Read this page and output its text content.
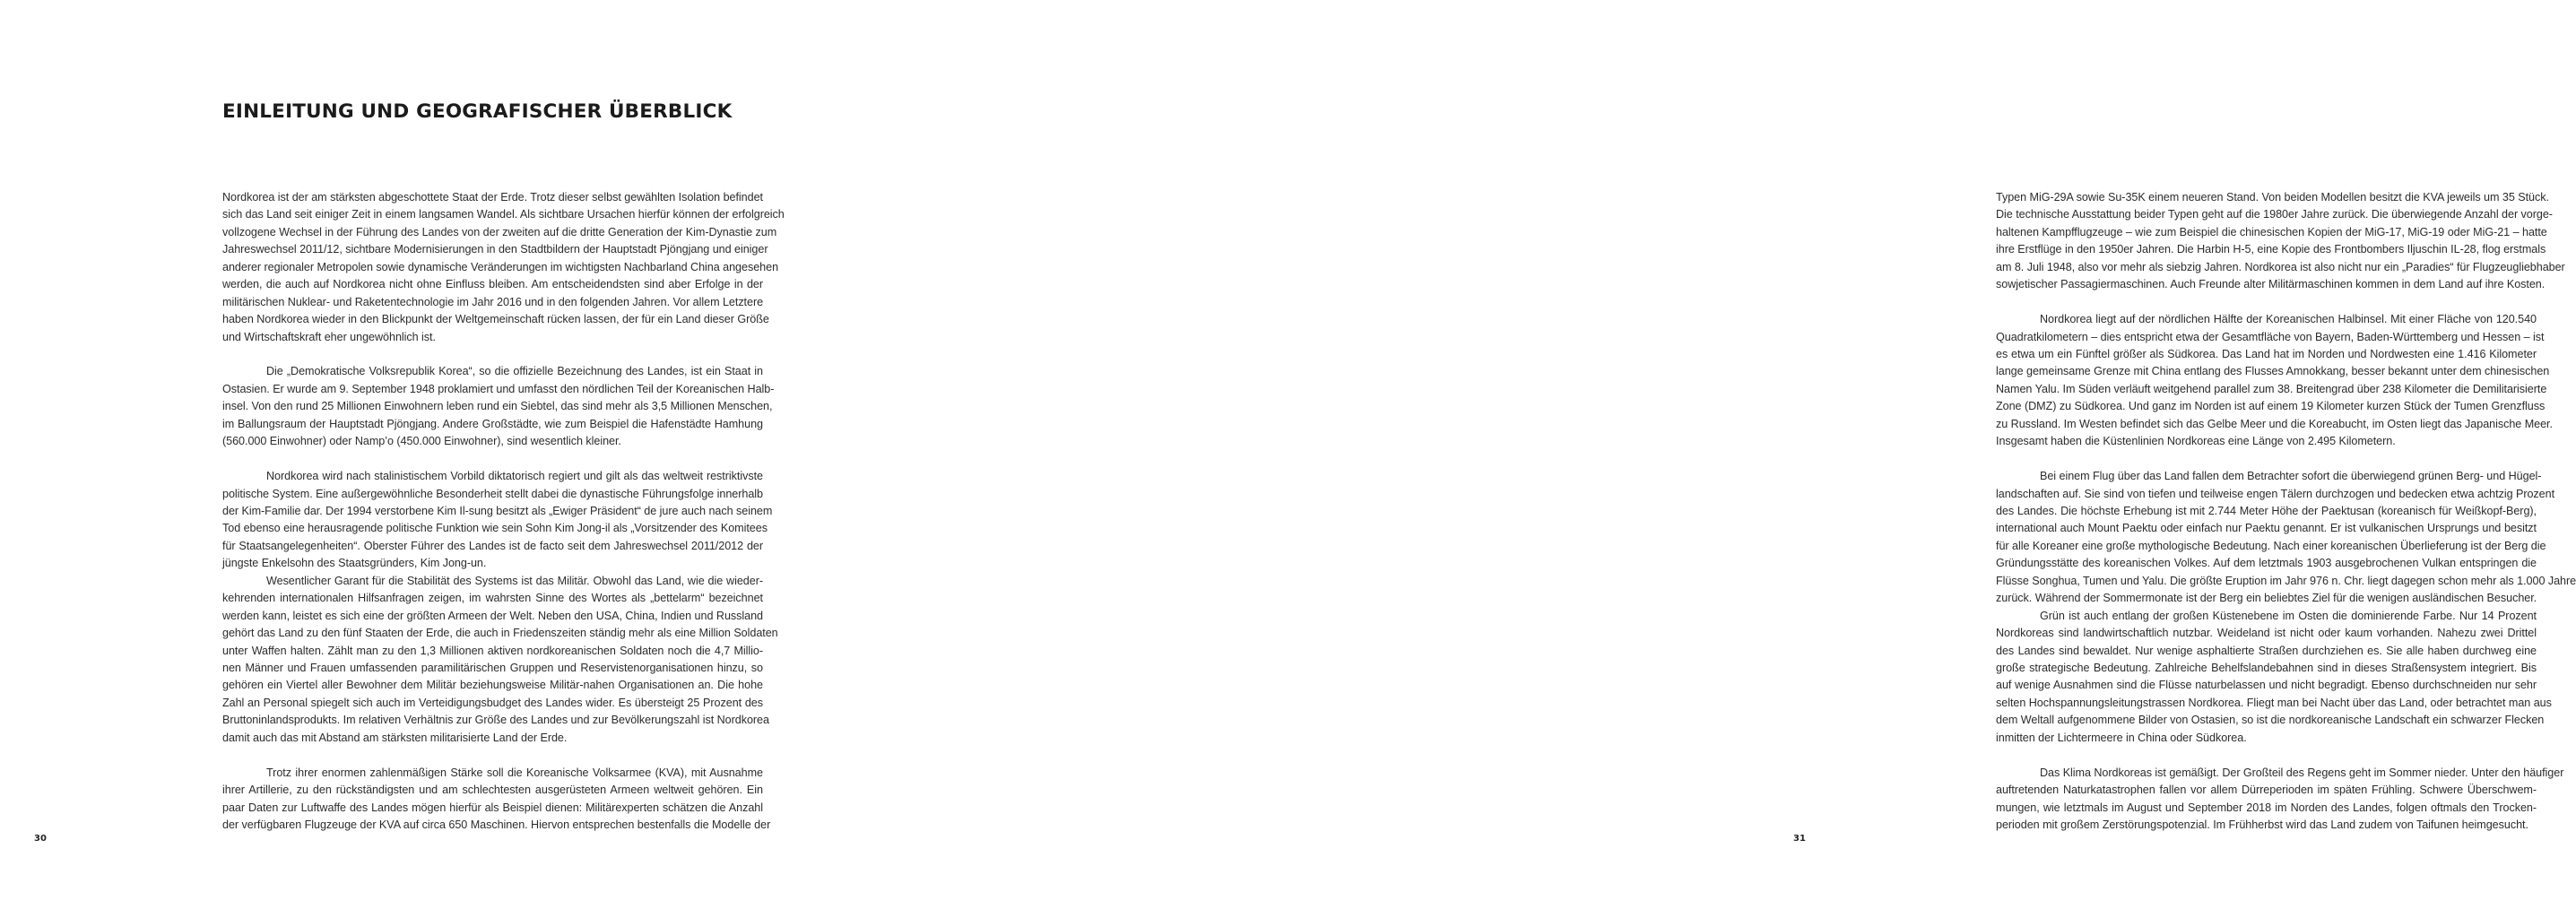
EINLEITUNG UND GEOGRAFISCHER ÜBERBLICK

Nordkorea ist der am stärksten abgeschottete Staat der Erde. Trotz dieser selbst gewählten Isolation befindet
sich das Land seit einiger Zeit in einem langsamen Wandel. Als sichtbare Ursachen hierfür können der erfolgreich
vollzogene Wechsel in der Führung des Landes von der zweiten auf die dritte Generation der Kim-Dynastie zum
Jahreswechsel 2011/12, sichtbare Modernisierungen in den Stadtbildern der Hauptstadt Pjöngjang und einiger
anderer regionaler Metropolen sowie dynamische Veränderungen im wichtigsten Nachbarland China angesehen
werden, die auch auf Nordkorea nicht ohne Einfluss bleiben. Am entscheidendsten sind aber Erfolge in der
militärischen Nuklear- und Raketentechnologie im Jahr 2016 und in den folgenden Jahren. Vor allem Letztere
haben Nordkorea wieder in den Blickpunkt der Weltgemeinschaft rücken lassen, der für ein Land dieser Größe
und Wirtschaftskraft eher ungewöhnlich ist.

Die „Demokratische Volksrepublik Korea“, so die offizielle Bezeichnung des Landes, ist ein Staat in
Ostasien. Er wurde am 9. September 1948 proklamiert und umfasst den nördlichen Teil der Koreanischen Halb-
insel. Von den rund 25 Millionen Einwohnern leben rund ein Siebtel, das sind mehr als 3,5 Millionen Menschen,
im Ballungsraum der Hauptstadt Pjöngjang. Andere Großstädte, wie zum Beispiel die Hafenstädte Hamhung
(560.000 Einwohner) oder Namp’o (450.000 Einwohner), sind wesentlich kleiner.

Nordkorea wird nach stalinistischem Vorbild diktatorisch regiert und gilt als das weltweit restriktivste
politische System. Eine außergewöhnliche Besonderheit stellt dabei die dynastische Führungsfolge innerhalb
der Kim-Familie dar. Der 1994 verstorbene Kim Il-sung besitzt als „Ewiger Präsident“ de jure auch nach seinem
Tod ebenso eine herausragende politische Funktion wie sein Sohn Kim Jong-il als „Vorsitzender des Komitees
für Staatsangelegenheiten“. Oberster Führer des Landes ist de facto seit dem Jahreswechsel 2011/2012 der
jüngste Enkelsohn des Staatsgründers, Kim Jong-un.

Wesentlicher Garant für die Stabilität des Systems ist das Militär. Obwohl das Land, wie die wieder-
kehrenden internationalen Hilfsanfragen zeigen, im wahrsten Sinne des Wortes als „bettelarm“ bezeichnet
werden kann, leistet es sich eine der größten Armeen der Welt. Neben den USA, China, Indien und Russland
gehört das Land zu den fünf Staaten der Erde, die auch in Friedenszeiten ständig mehr als eine Million Soldaten
unter Waffen halten. Zählt man zu den 1,3 Millionen aktiven nordkoreanischen Soldaten noch die 4,7 Millio-
nen Männer und Frauen umfassenden paramilitärischen Gruppen und Reservistenorganisationen hinzu, so
gehören ein Viertel aller Bewohner dem Militär beziehungsweise Militär-nahen Organisationen an. Die hohe
Zahl an Personal spiegelt sich auch im Verteidigungsbudget des Landes wider. Es übersteigt 25 Prozent des
Bruttoninlandsprodukts. Im relativen Verhältnis zur Größe des Landes und zur Bevölkerungszahl ist Nordkorea
damit auch das mit Abstand am stärksten militarisierte Land der Erde.

Trotz ihrer enormen zahlenmäßigen Stärke soll die Koreanische Volksarmee (KVA), mit Ausnahme
ihrer Artillerie, zu den rückständigsten und am schlechtesten ausgerüsteten Armeen weltweit gehören. Ein
paar Daten zur Luftwaffe des Landes mögen hierfür als Beispiel dienen: Militärexperten schätzen die Anzahl
der verfügbaren Flugzeuge der KVA auf circa 650 Maschinen. Hiervon entsprechen bestenfalls die Modelle der

30

Typen MiG-29A sowie Su-35K einem neueren Stand. Von beiden Modellen besitzt die KVA jeweils um 35 Stück.
Die technische Ausstattung beider Typen geht auf die 1980er Jahre zurück. Die überwiegende Anzahl der vorge-
haltenen Kampfflugzeuge – wie zum Beispiel die chinesischen Kopien der MiG-17, MiG-19 oder MiG-21 – hatte
ihre Erstflüge in den 1950er Jahren. Die Harbin H-5, eine Kopie des Frontbombers Iljuschin IL-28, flog erstmals
am 8. Juli 1948, also vor mehr als siebzig Jahren. Nordkorea ist also nicht nur ein „Paradies“ für Flugzeugliebhaber
sowjetischer Passagiermaschinen. Auch Freunde alter Militärmaschinen kommen in dem Land auf ihre Kosten.

Nordkorea liegt auf der nördlichen Hälfte der Koreanischen Halbinsel. Mit einer Fläche von 120.540
Quadratkilometern – dies entspricht etwa der Gesamtfläche von Bayern, Baden-Württemberg und Hessen – ist
es etwa um ein Fünftel größer als Südkorea. Das Land hat im Norden und Nordwesten eine 1.416 Kilometer
lange gemeinsame Grenze mit China entlang des Flusses Amnokkang, besser bekannt unter dem chinesischen
Namen Yalu. Im Süden verläuft weitgehend parallel zum 38. Breitengrad über 238 Kilometer die Demilitarisierte
Zone (DMZ) zu Südkorea. Und ganz im Norden ist auf einem 19 Kilometer kurzen Stück der Tumen Grenzfluss
zu Russland. Im Westen befindet sich das Gelbe Meer und die Koreabucht, im Osten liegt das Japanische Meer.
Insgesamt haben die Küstenlinien Nordkoreas eine Länge von 2.495 Kilometern.

Bei einem Flug über das Land fallen dem Betrachter sofort die überwiegend grünen Berg- und Hügel-
landschaften auf. Sie sind von tiefen und teilweise engen Tälern durchzogen und bedecken etwa achtzig Prozent
des Landes. Die höchste Erhebung ist mit 2.744 Meter Höhe der Paektusan (koreanisch für Weißkopf-Berg),
international auch Mount Paektu oder einfach nur Paektu genannt. Er ist vulkanischen Ursprungs und besitzt
für alle Koreaner eine große mythologische Bedeutung. Nach einer koreanischen Überlieferung ist der Berg die
Gründungsstätte des koreanischen Volkes. Auf dem letztmals 1903 ausgebrochenen Vulkan entspringen die
Flüsse Songhua, Tumen und Yalu. Die größte Eruption im Jahr 976 n. Chr. liegt dagegen schon mehr als 1.000 Jahre
zurück. Während der Sommermonate ist der Berg ein beliebtes Ziel für die wenigen ausländischen Besucher.

Grün ist auch entlang der großen Küstenebene im Osten die dominierende Farbe. Nur 14 Prozent
Nordkoreas sind landwirtschaftlich nutzbar. Weideland ist nicht oder kaum vorhanden. Nahezu zwei Drittel
des Landes sind bewaldet. Nur wenige asphaltierte Straßen durchziehen es. Sie alle haben durchweg eine
große strategische Bedeutung. Zahlreiche Behelfslandebahnen sind in dieses Straßensystem integriert. Bis
auf wenige Ausnahmen sind die Flüsse naturbelassen und nicht begradigt. Ebenso durchschneiden nur sehr
selten Hochspannungsleitungstrassen Nordkorea. Fliegt man bei Nacht über das Land, oder betrachtet man aus
dem Weltall aufgenommene Bilder von Ostasien, so ist die nordkoreanische Landschaft ein schwarzer Flecken
inmitten der Lichtermeere in China oder Südkorea.

Das Klima Nordkoreas ist gemäßigt. Der Großteil des Regens geht im Sommer nieder. Unter den häufiger
auftretenden Naturkatastrophen fallen vor allem Dürreperioden im späten Frühling. Schwere Überschwem-
mungen, wie letztmals im August und September 2018 im Norden des Landes, folgen oftmals den Trocken-
perioden mit großem Zerstörungspotenzial. Im Frühherbst wird das Land zudem von Taifunen heimgesucht.

31
